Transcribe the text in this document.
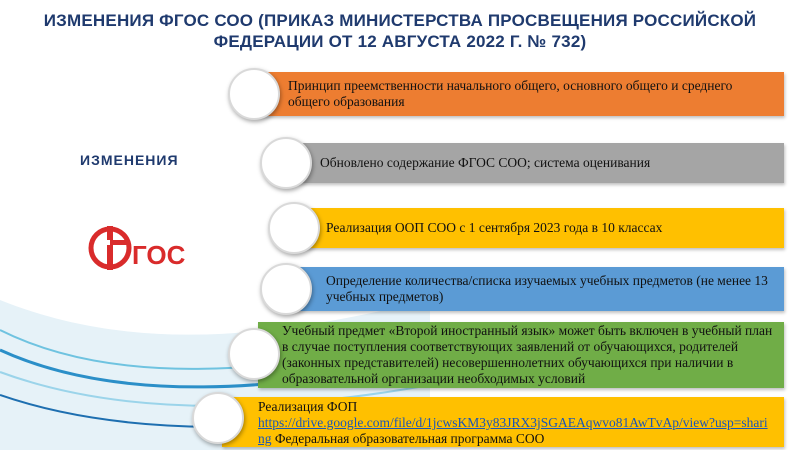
ИЗМЕНЕНИЯ ФГОС СОО (ПРИКАЗ МИНИСТЕРСТВА ПРОСВЕЩЕНИЯ РОССИЙСКОЙ ФЕДЕРАЦИИ ОТ 12 АВГУСТА 2022 Г. № 732)
ИЗМЕНЕНИЯ
ГОС
Принцип преемственности начального общего, основного общего и среднего общего образования
Обновлено содержание ФГОС СОО; система оценивания
Реализация ООП СОО с 1 сентября 2023 года в 10 классах
Определение количества/списка изучаемых учебных предметов (не менее 13 учебных предметов)
Учебный предмет «Второй иностранный язык» может быть включен в учебный план в случае поступления соответствующих заявлений от обучающихся, родителей (законных представителей) несовершеннолетних обучающихся при наличии в образовательной организации необходимых условий
Реализация ФОП
https://drive.google.com/file/d/1jcwsKM3y83JRX3jSGAEAqwvo81AwTvAp/view?usp=sharing Федеральная образовательная программа СОО
